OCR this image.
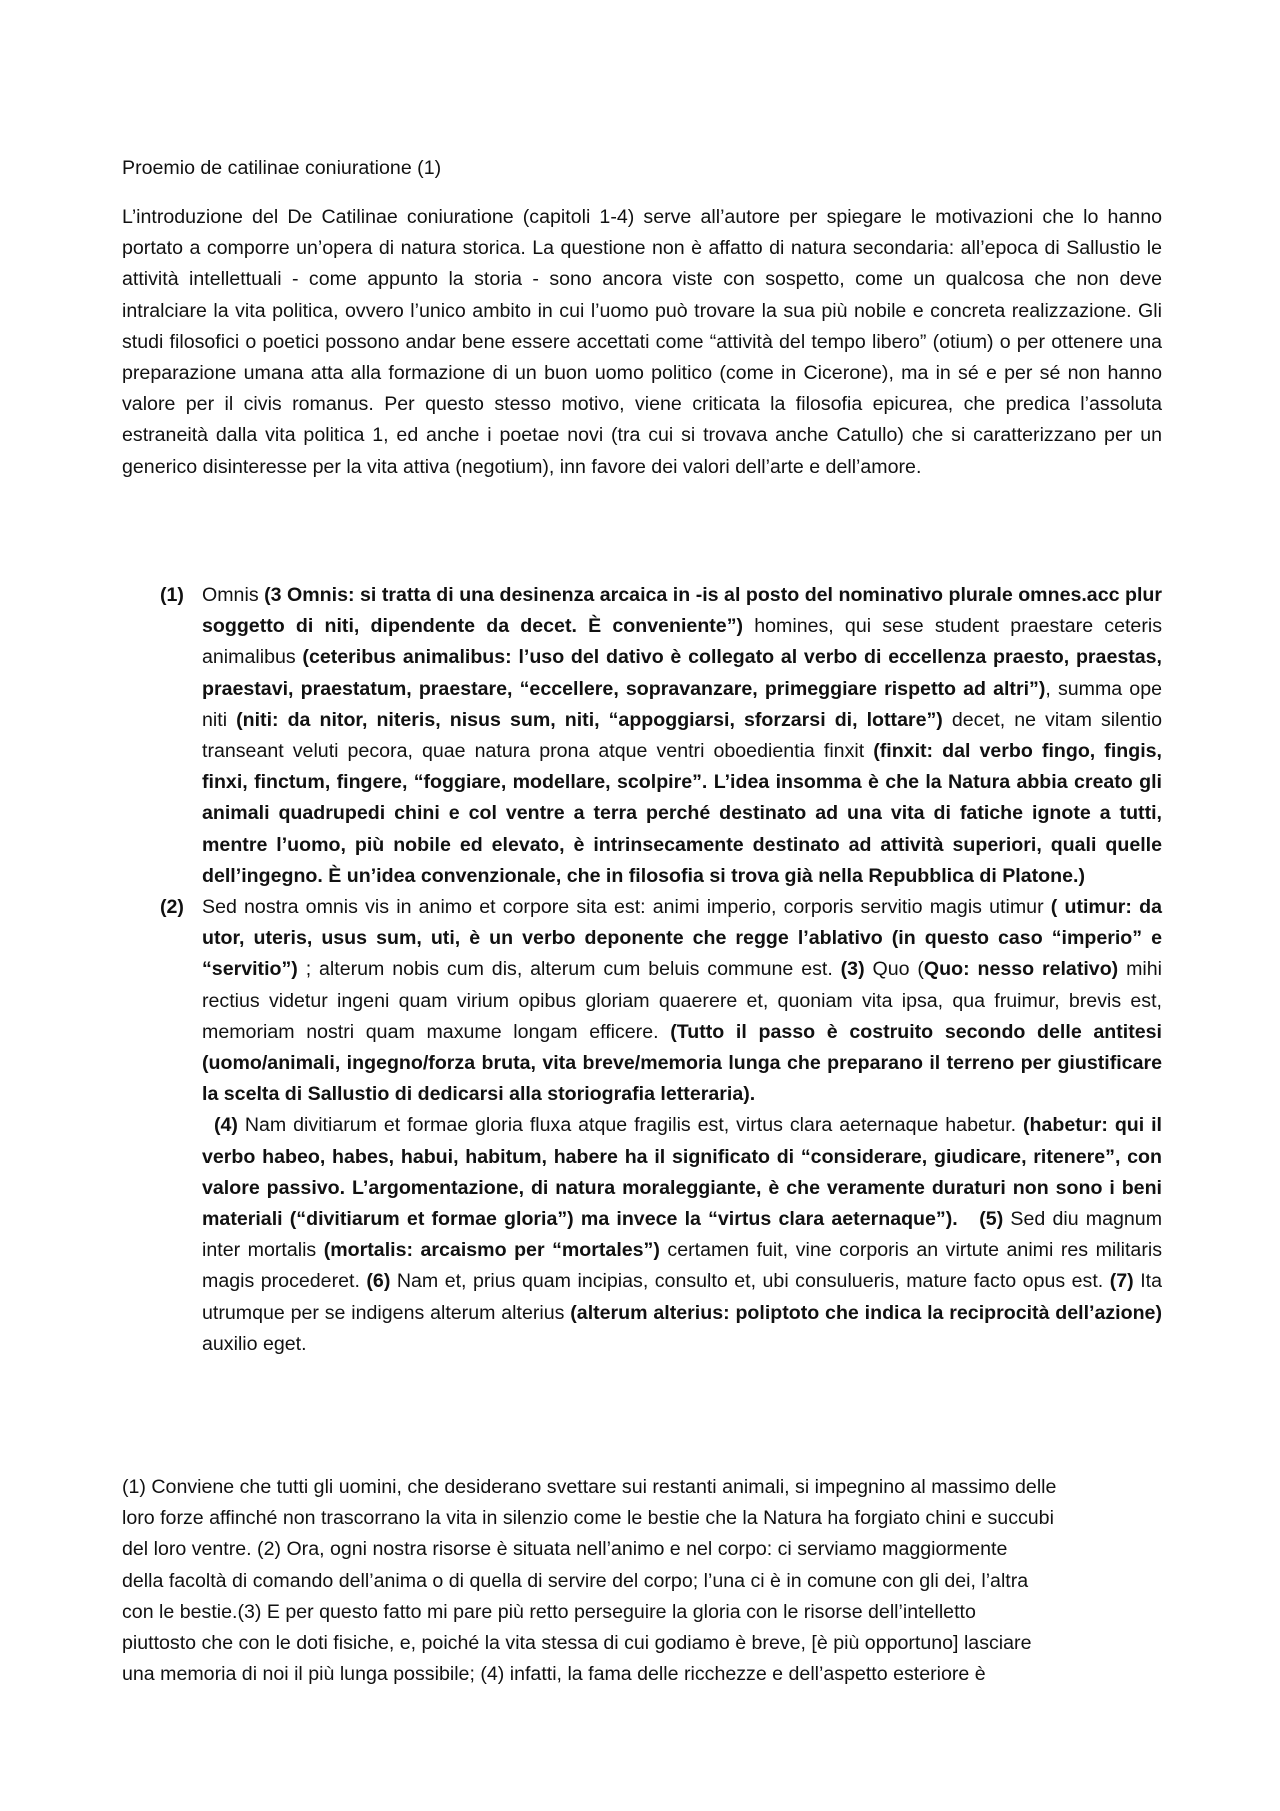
Proemio de catilinae coniuratione (1)

L’introduzione del De Catilinae coniuratione (capitoli 1-4) serve all’autore per spiegare le motivazioni che lo hanno portato a comporre un’opera di natura storica. La questione non è affatto di natura secondaria: all’epoca di Sallustio le attività intellettuali - come appunto la storia - sono ancora viste con sospetto, come un qualcosa che non deve intralciare la vita politica, ovvero l’unico ambito in cui l’uomo può trovare la sua più nobile e concreta realizzazione. Gli studi filosofici o poetici possono andar bene essere accettati come “attività del tempo libero” (otium) o per ottenere una preparazione umana atta alla formazione di un buon uomo politico (come in Cicerone), ma in sé e per sé non hanno valore per il civis romanus. Per questo stesso motivo, viene criticata la filosofia epicurea, che predica l’assoluta estraneità dalla vita politica 1, ed anche i poetae novi (tra cui si trovava anche Catullo) che si caratterizzano per un generico disinteresse per la vita attiva (negotium), inn favore dei valori dell’arte e dell’amore.

(1) Omnis (3 Omnis: si tratta di una desinenza arcaica in -is al posto del nominativo plurale omnes.acc plur soggetto di niti, dipendente da decet. È conveniente”) homines, qui sese student praestare ceteris animalibus (ceteribus animalibus: l’uso del dativo è collegato al verbo di eccellenza praesto, praestas, praestavi, praestatum, praestare, “eccellere, sopravanzare, primeggiare rispetto ad altri”), summa ope niti (niti: da nitor, niteris, nisus sum, niti, “appoggiarsi, sforzarsi di, lottare”) decet, ne vitam silentio transeant veluti pecora, quae natura prona atque ventri oboedientia finxit (finxit: dal verbo fingo, fingis, finxi, finctum, fingere, “foggiare, modellare, scolpire”. L’idea insomma è che la Natura abbia creato gli animali quadrupedi chini e col ventre a terra perché destinato ad una vita di fatiche ignote a tutti, mentre l’uomo, più nobile ed elevato, è intrinsecamente destinato ad attività superiori, quali quelle dell’ingegno. È un’idea convenzionale, che in filosofia si trova già nella Repubblica di Platone.)
(2) Sed nostra omnis vis in animo et corpore sita est: animi imperio, corporis servitio magis utimur ( utimur: da utor, uteris, usus sum, uti, è un verbo deponente che regge l’ablativo (in questo caso “imperio” e “servitio”) ; alterum nobis cum dis, alterum cum beluis commune est. (3) Quo (Quo: nesso relativo) mihi rectius videtur ingeni quam virium opibus gloriam quaerere et, quoniam vita ipsa, qua fruimur, brevis est, memoriam nostri quam maxume longam efficere. (Tutto il passo è costruito secondo delle antitesi (uomo/animali, ingegno/forza bruta, vita breve/memoria lunga che preparano il terreno per giustificare la scelta di Sallustio di dedicarsi alla storiografia letteraria).
(4) Nam divitiarum et formae gloria fluxa atque fragilis est, virtus clara aeternaque habetur. (habetur: qui il verbo habeo, habes, habui, habitum, habere ha il significato di “considerare, giudicare, ritenere”, con valore passivo. L’argomentazione, di natura moraleggiante, è che veramente duraturi non sono i beni materiali (“divitiarum et formae gloria”) ma invece la “virtus clara aeternaque”). (5) Sed diu magnum inter mortalis (mortalis: arcaismo per “mortales”) certamen fuit, vine corporis an virtute animi res militaris magis procederet. (6) Nam et, prius quam incipias, consulto et, ubi consulueris, mature facto opus est. (7) Ita utrumque per se indigens alterum alterius (alterum alterius: poliptoto che indica la reciprocità dell’azione) auxilio eget.
(1) Conviene che tutti gli uomini, che desiderano svettare sui restanti animali, si impegnino al massimo delle
loro forze affinché non trascorrano la vita in silenzio come le bestie che la Natura ha forgiato chini e succubi
del loro ventre. (2) Ora, ogni nostra risorse è situata nell’animo e nel corpo: ci serviamo maggiormente
della facoltà di comando dell’anima o di quella di servire del corpo; l’una ci è in comune con gli dei, l’altra
con le bestie.(3) E per questo fatto mi pare più retto perseguire la gloria con le risorse dell’intelletto
piuttosto che con le doti fisiche, e, poiché la vita stessa di cui godiamo è breve, [è più opportuno] lasciare
una memoria di noi il più lunga possibile; (4) infatti, la fama delle ricchezze e dell’aspetto esteriore è
